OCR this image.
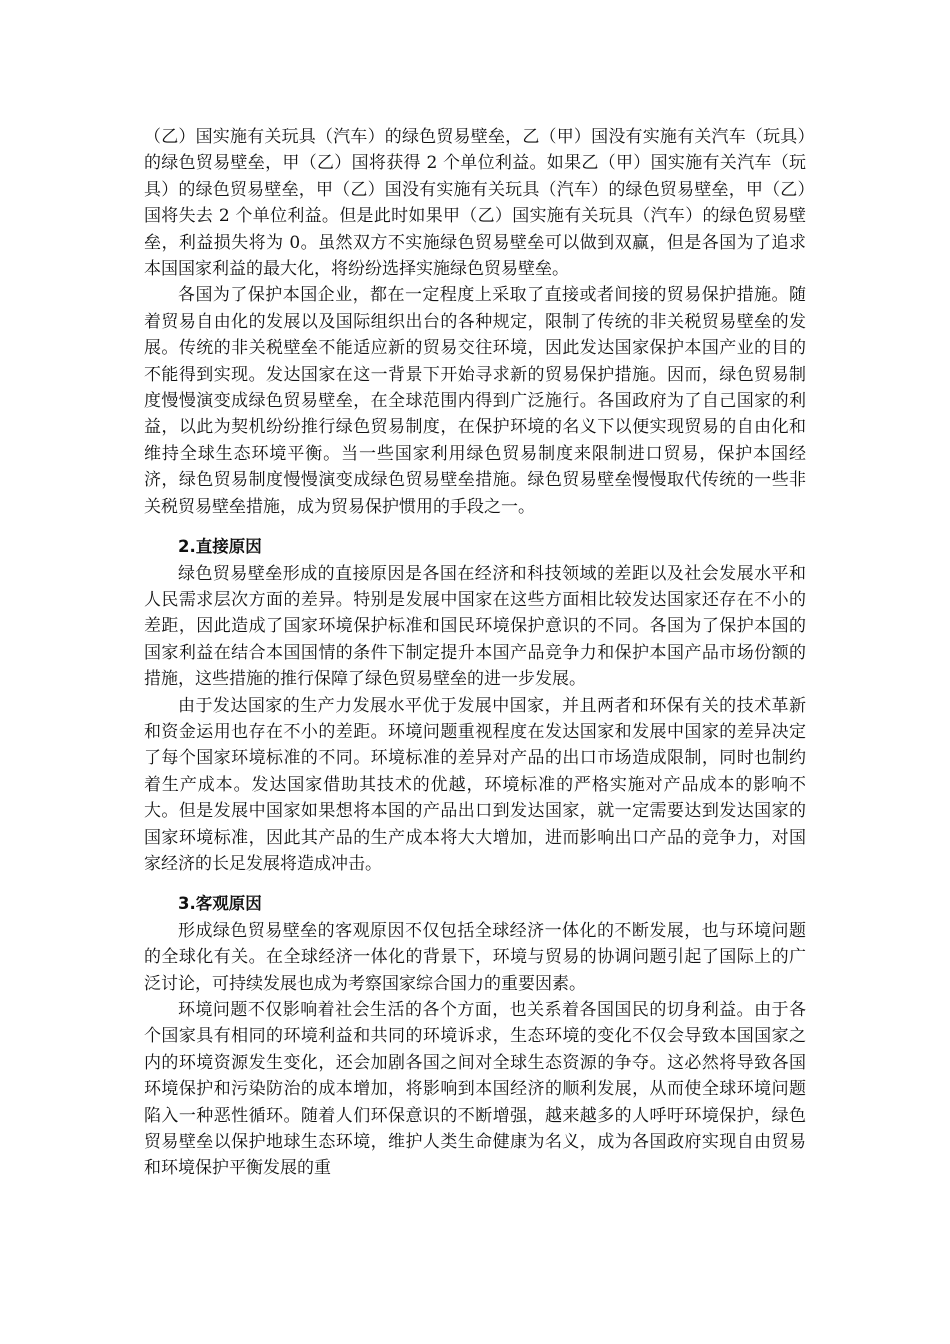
（乙）国实施有关玩具（汽车）的绿色贸易壁垒，乙（甲）国没有实施有关汽车（玩具）的绿色贸易壁垒，甲（乙）国将获得 2 个单位利益。如果乙（甲）国实施有关汽车（玩具）的绿色贸易壁垒，甲（乙）国没有实施有关玩具（汽车）的绿色贸易壁垒，甲（乙）国将失去 2 个单位利益。但是此时如果甲（乙）国实施有关玩具（汽车）的绿色贸易壁垒，利益损失将为 0。虽然双方不实施绿色贸易壁垒可以做到双赢，但是各国为了追求本国国家利益的最大化，将纷纷选择实施绿色贸易壁垒。

各国为了保护本国企业，都在一定程度上采取了直接或者间接的贸易保护措施。随着贸易自由化的发展以及国际组织出台的各种规定，限制了传统的非关税贸易壁垒的发展。传统的非关税壁垒不能适应新的贸易交往环境，因此发达国家保护本国产业的目的不能得到实现。发达国家在这一背景下开始寻求新的贸易保护措施。因而，绿色贸易制度慢慢演变成绿色贸易壁垒，在全球范围内得到广泛施行。各国政府为了自己国家的利益，以此为契机纷纷推行绿色贸易制度，在保护环境的名义下以便实现贸易的自由化和维持全球生态环境平衡。当一些国家利用绿色贸易制度来限制进口贸易，保护本国经济，绿色贸易制度慢慢演变成绿色贸易壁垒措施。绿色贸易壁垒慢慢取代传统的一些非关税贸易壁垒措施，成为贸易保护惯用的手段之一。

2.直接原因

绿色贸易壁垒形成的直接原因是各国在经济和科技领域的差距以及社会发展水平和人民需求层次方面的差异。特别是发展中国家在这些方面相比较发达国家还存在不小的差距，因此造成了国家环境保护标准和国民环境保护意识的不同。各国为了保护本国的国家利益在结合本国国情的条件下制定提升本国产品竞争力和保护本国产品市场份额的措施，这些措施的推行保障了绿色贸易壁垒的进一步发展。

由于发达国家的生产力发展水平优于发展中国家，并且两者和环保有关的技术革新和资金运用也存在不小的差距。环境问题重视程度在发达国家和发展中国家的差异决定了每个国家环境标准的不同。环境标准的差异对产品的出口市场造成限制，同时也制约着生产成本。发达国家借助其技术的优越，环境标准的严格实施对产品成本的影响不大。但是发展中国家如果想将本国的产品出口到发达国家，就一定需要达到发达国家的国家环境标准，因此其产品的生产成本将大大增加，进而影响出口产品的竞争力，对国家经济的长足发展将造成冲击。

3.客观原因

形成绿色贸易壁垒的客观原因不仅包括全球经济一体化的不断发展，也与环境问题的全球化有关。在全球经济一体化的背景下，环境与贸易的协调问题引起了国际上的广泛讨论，可持续发展也成为考察国家综合国力的重要因素。

环境问题不仅影响着社会生活的各个方面，也关系着各国国民的切身利益。由于各个国家具有相同的环境利益和共同的环境诉求，生态环境的变化不仅会导致本国国家之内的环境资源发生变化，还会加剧各国之间对全球生态资源的争夺。这必然将导致各国环境保护和污染防治的成本增加，将影响到本国经济的顺利发展，从而使全球环境问题陷入一种恶性循环。随着人们环保意识的不断增强，越来越多的人呼吁环境保护，绿色贸易壁垒以保护地球生态环境，维护人类生命健康为名义，成为各国政府实现自由贸易和环境保护平衡发展的重
